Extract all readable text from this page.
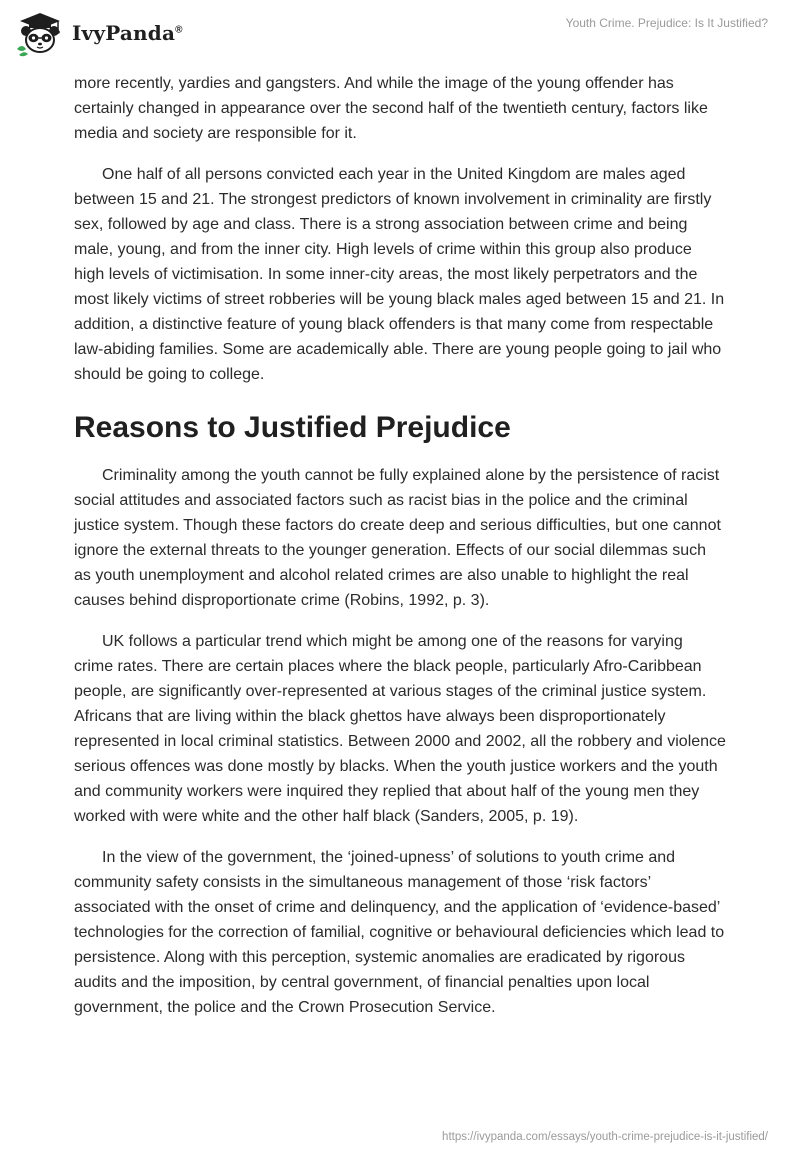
IvyPanda®	Youth Crime. Prejudice: Is It Justified?

more recently, yardies and gangsters. And while the image of the young offender has certainly changed in appearance over the second half of the twentieth century, factors like media and society are responsible for it.

One half of all persons convicted each year in the United Kingdom are males aged between 15 and 21. The strongest predictors of known involvement in criminality are firstly sex, followed by age and class. There is a strong association between crime and being male, young, and from the inner city. High levels of crime within this group also produce high levels of victimisation. In some inner-city areas, the most likely perpetrators and the most likely victims of street robberies will be young black males aged between 15 and 21. In addition, a distinctive feature of young black offenders is that many come from respectable law-abiding families. Some are academically able. There are young people going to jail who should be going to college.

Reasons to Justified Prejudice

Criminality among the youth cannot be fully explained alone by the persistence of racist social attitudes and associated factors such as racist bias in the police and the criminal justice system. Though these factors do create deep and serious difficulties, but one cannot ignore the external threats to the younger generation. Effects of our social dilemmas such as youth unemployment and alcohol related crimes are also unable to highlight the real causes behind disproportionate crime (Robins, 1992, p. 3).

UK follows a particular trend which might be among one of the reasons for varying crime rates. There are certain places where the black people, particularly Afro-Caribbean people, are significantly over-represented at various stages of the criminal justice system. Africans that are living within the black ghettos have always been disproportionately represented in local criminal statistics. Between 2000 and 2002, all the robbery and violence serious offences was done mostly by blacks. When the youth justice workers and the youth and community workers were inquired they replied that about half of the young men they worked with were white and the other half black (Sanders, 2005, p. 19).

In the view of the government, the ‘joined-upness’ of solutions to youth crime and community safety consists in the simultaneous management of those ‘risk factors’ associated with the onset of crime and delinquency, and the application of ‘evidence-based’ technologies for the correction of familial, cognitive or behavioural deficiencies which lead to persistence. Along with this perception, systemic anomalies are eradicated by rigorous audits and the imposition, by central government, of financial penalties upon local government, the police and the Crown Prosecution Service.

https://ivypanda.com/essays/youth-crime-prejudice-is-it-justified/
